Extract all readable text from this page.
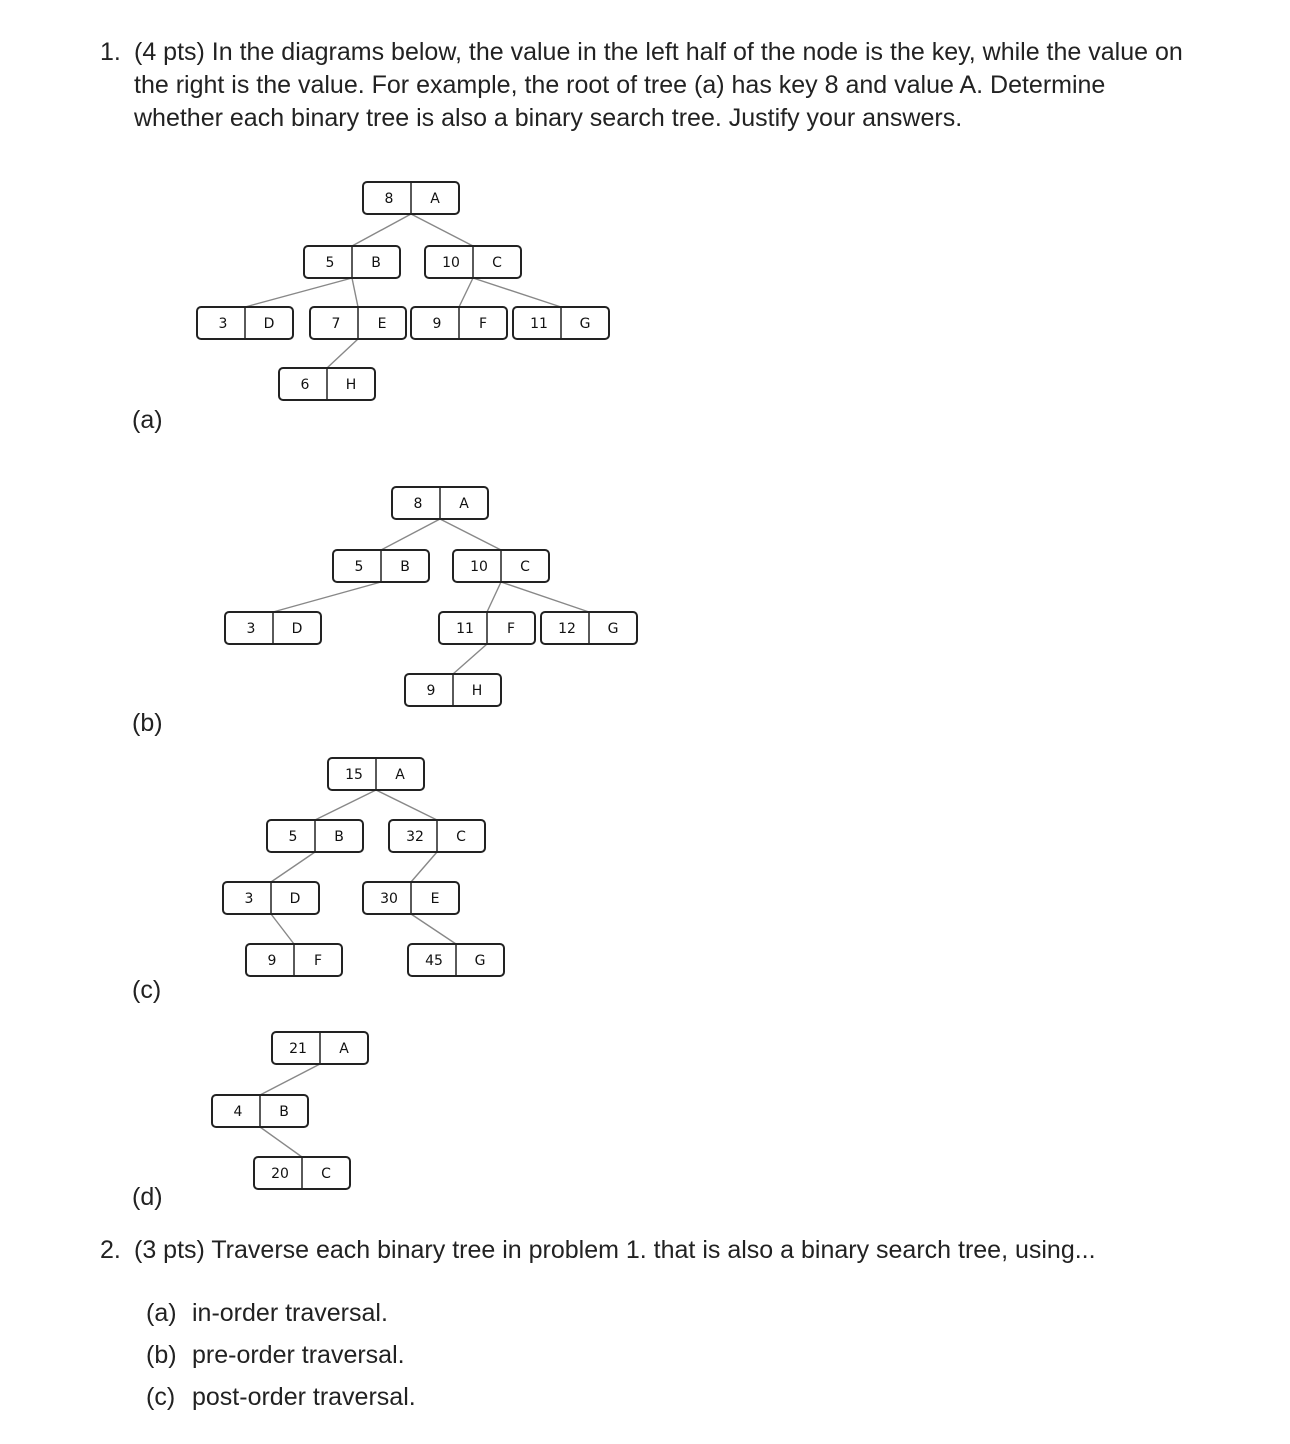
1. (4 pts) In the diagrams below, the value in the left half of the node is the key, while the value on the right is the value. For example, the root of tree (a) has key 8 and value A. Determine whether each binary tree is also a binary search tree. Justify your answers.
8	A
5	B	10 C
3	D	7	E	9	F	11 G
6	H
8	A
5	B	10 C
3	D	11 F	12 G
9	H
15 A
5	B	32 C
3	D	30 E
9	F	45 G
21 A
4	B
20 C
(a)
(b)
(c)
(d)
2. (3 pts) Traverse each binary tree in problem 1. that is also a binary search tree, using...
(a) in-order traversal.
(b) pre-order traversal.
(c) post-order traversal.
